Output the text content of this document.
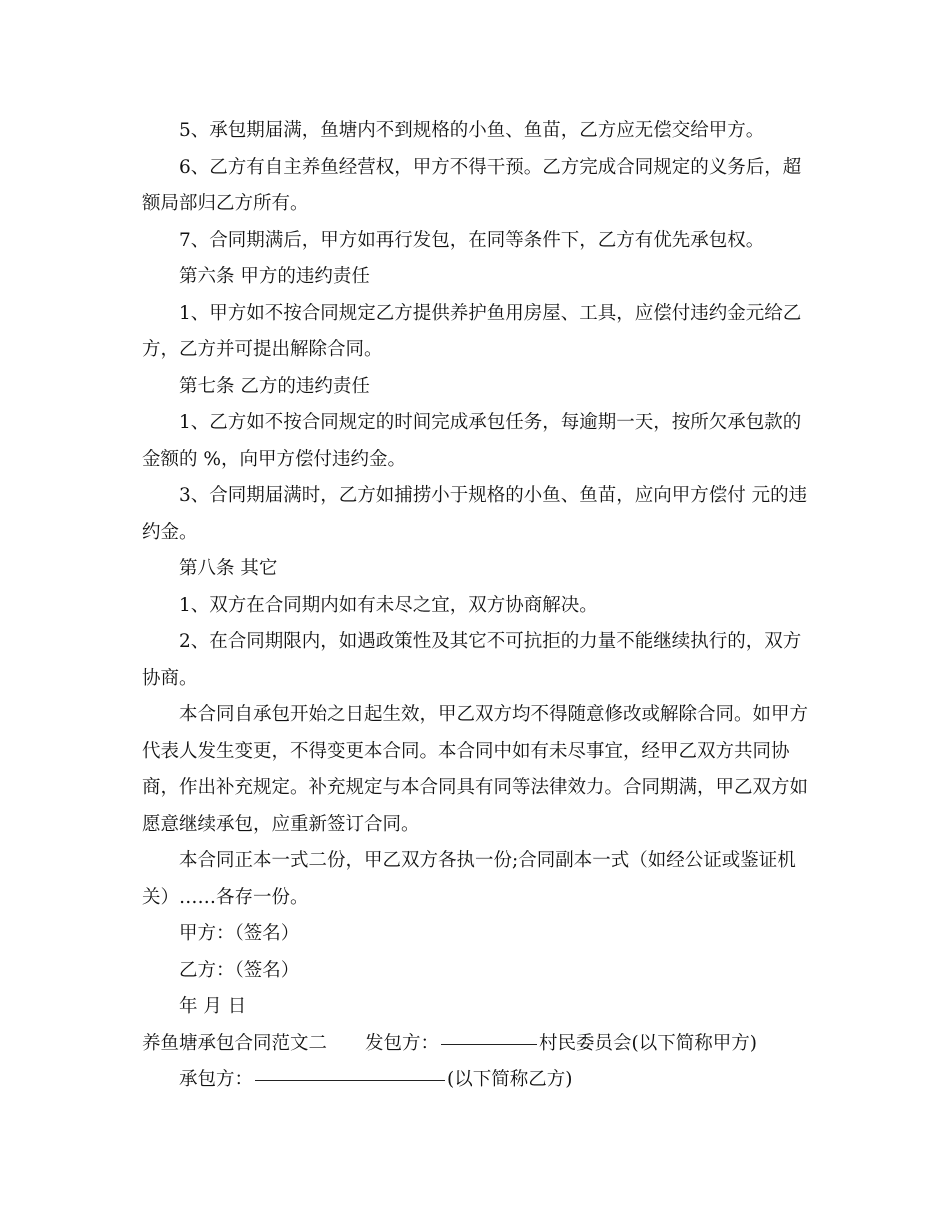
5、承包期届满，鱼塘内不到规格的小鱼、鱼苗，乙方应无偿交给甲方。

6、乙方有自主养鱼经营权，甲方不得干预。乙方完成合同规定的义务后，超额局部归乙方所有。

7、合同期满后，甲方如再行发包，在同等条件下，乙方有优先承包权。

第六条 甲方的违约责任

1、甲方如不按合同规定乙方提供养护鱼用房屋、工具，应偿付违约金元给乙方，乙方并可提出解除合同。

第七条 乙方的违约责任

1、乙方如不按合同规定的时间完成承包任务，每逾期一天，按所欠承包款的金额的 %，向甲方偿付违约金。

3、合同期届满时，乙方如捕捞小于规格的小鱼、鱼苗，应向甲方偿付 元的违约金。

第八条 其它

1、双方在合同期内如有未尽之宜，双方协商解决。

2、在合同期限内，如遇政策性及其它不可抗拒的力量不能继续执行的，双方协商。

本合同自承包开始之日起生效，甲乙双方均不得随意修改或解除合同。如甲方代表人发生变更，不得变更本合同。本合同中如有未尽事宜，经甲乙双方共同协商，作出补充规定。补充规定与本合同具有同等法律效力。合同期满，甲乙双方如愿意继续承包，应重新签订合同。

本合同正本一式二份，甲乙双方各执一份;合同副本一式（如经公证或鉴证机关）……各存一份。

甲方：（签名）

乙方：（签名）

年 月 日

养鱼塘承包合同范文二 发包方：	村民委员会(以下简称甲方)

承包方：	(以下简称乙方)
